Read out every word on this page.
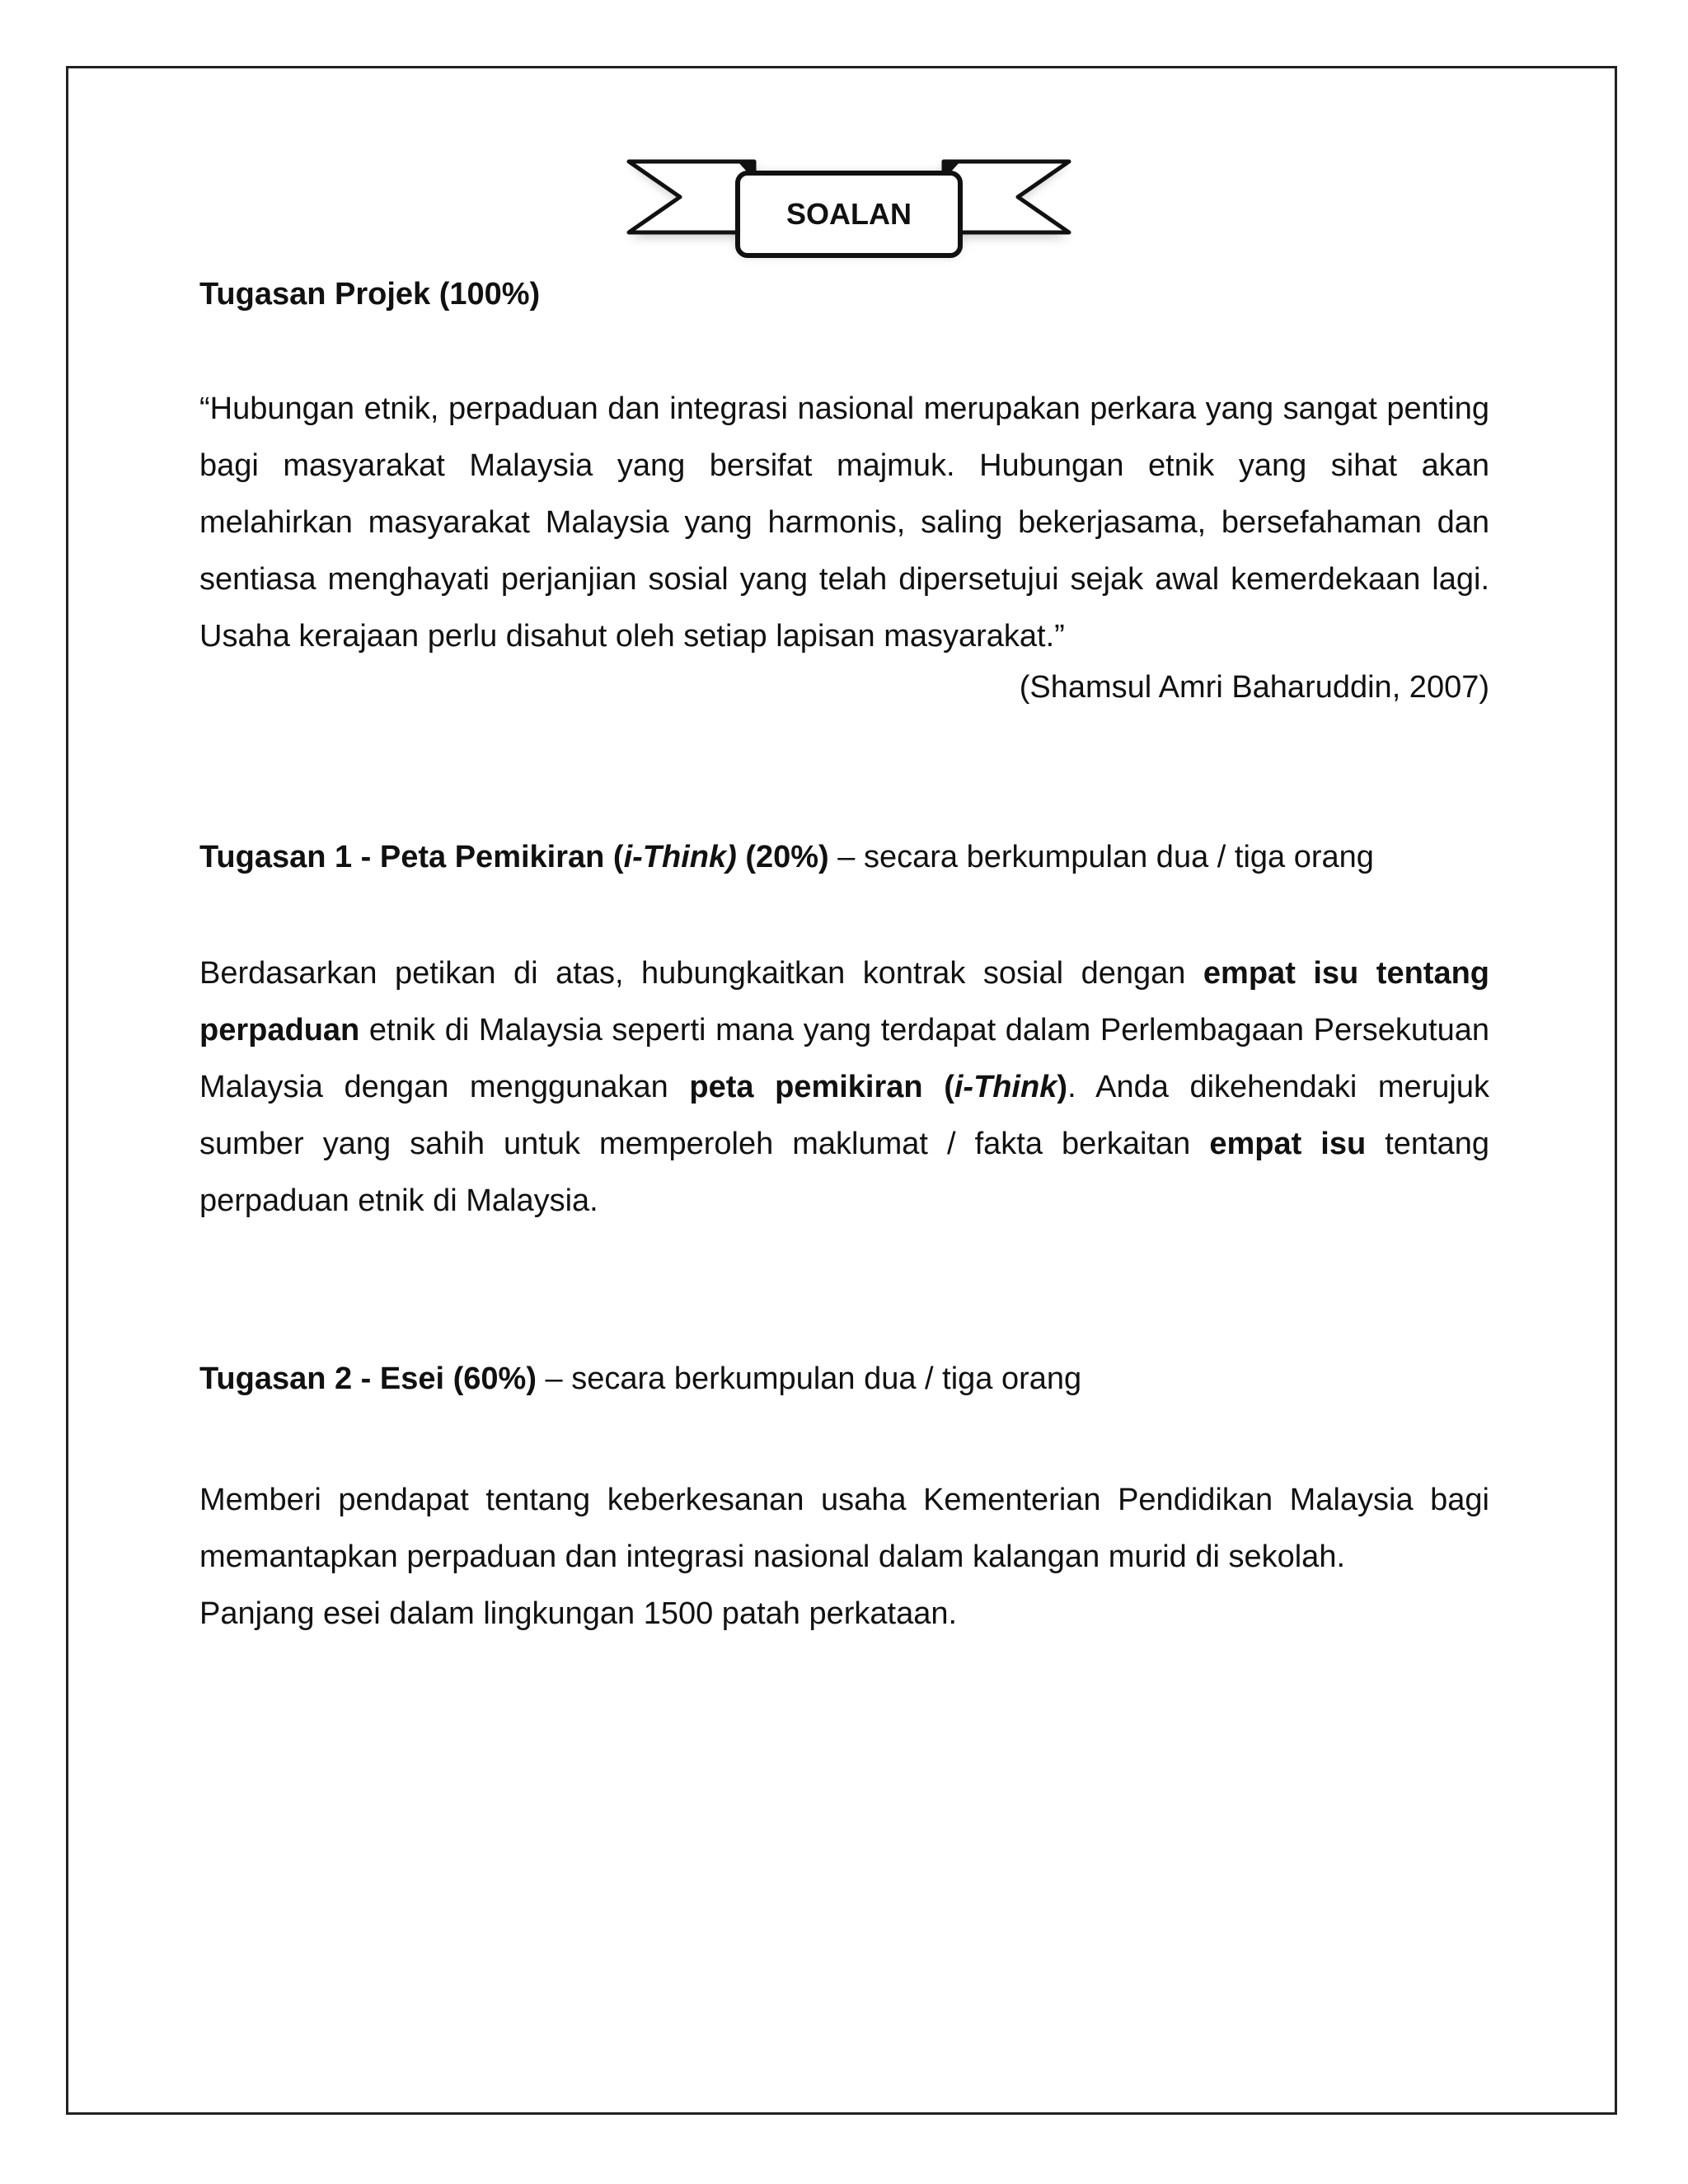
SOALAN

Tugasan Projek (100%)

“Hubungan etnik, perpaduan dan integrasi nasional merupakan perkara yang sangat penting bagi masyarakat Malaysia yang bersifat majmuk. Hubungan etnik yang sihat akan melahirkan masyarakat Malaysia yang harmonis, saling bekerjasama, bersefahaman dan sentiasa menghayati perjanjian sosial yang telah dipersetujui sejak awal kemerdekaan lagi. Usaha kerajaan perlu disahut oleh setiap lapisan masyarakat.”

(Shamsul Amri Baharuddin, 2007)

Tugasan 1 - Peta Pemikiran (i-Think) (20%) – secara berkumpulan dua / tiga orang

Berdasarkan petikan di atas, hubungkaitkan kontrak sosial dengan empat isu tentang perpaduan etnik di Malaysia seperti mana yang terdapat dalam Perlembagaan Persekutuan Malaysia dengan menggunakan peta pemikiran (i-Think). Anda dikehendaki merujuk sumber yang sahih untuk memperoleh maklumat / fakta berkaitan empat isu tentang perpaduan etnik di Malaysia.

Tugasan 2 - Esei (60%) – secara berkumpulan dua / tiga orang

Memberi pendapat tentang keberkesanan usaha Kementerian Pendidikan Malaysia bagi memantapkan perpaduan dan integrasi nasional dalam kalangan murid di sekolah.

Panjang esei dalam lingkungan 1500 patah perkataan.
